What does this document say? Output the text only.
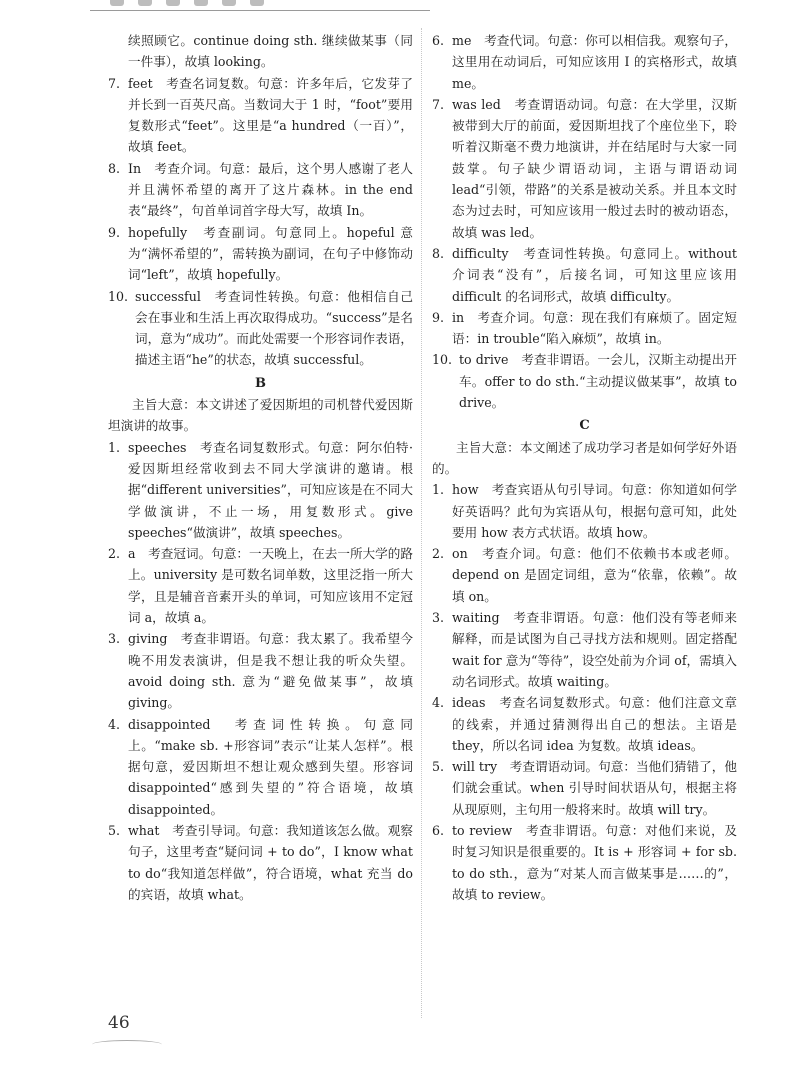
续照顾它。continue doing sth. 继续做某事（同一件事），故填 looking。
7. feet　考查名词复数。句意：许多年后，它发芽了并长到一百英尺高。当数词大于 1 时，“foot”要用复数形式“feet”。这里是“a hundred（一百）”，故填 feet。
8. In　考查介词。句意：最后，这个男人感谢了老人并且满怀希望的离开了这片森林。in the end 表“最终”，句首单词首字母大写，故填 In。
9. hopefully　考查副词。句意同上。hopeful 意为“满怀希望的”，需转换为副词，在句子中修饰动词“left”，故填 hopefully。
10. successful　考查词性转换。句意：他相信自己会在事业和生活上再次取得成功。“success”是名词，意为“成功”。而此处需要一个形容词作表语，描述主语“he”的状态，故填 successful。
B

主旨大意：本文讲述了爱因斯坦的司机替代爱因斯坦演讲的故事。

1. speeches　考查名词复数形式。句意：阿尔伯特·爱因斯坦经常收到去不同大学演讲的邀请。根据“different universities”，可知应该是在不同大学做演讲，不止一场，用复数形式。give speeches“做演讲”，故填 speeches。
2. a　考查冠词。句意：一天晚上，在去一所大学的路上。university 是可数名词单数，这里泛指一所大学，且是辅音音素开头的单词，可知应该用不定冠词 a，故填 a。
3. giving　考查非谓语。句意：我太累了。我希望今晚不用发表演讲，但是我不想让我的听众失望。avoid doing sth. 意为“避免做某事”，故填 giving。
4. disappointed　考查词性转换。句意同上。“make sb. +形容词”表示“让某人怎样”。根据句意，爱因斯坦不想让观众感到失望。形容词 disappointed“感到失望的”符合语境，故填 disappointed。
5. what　考查引导词。句意：我知道该怎么做。观察句子，这里考查“疑问词 + to do”，I know what to do“我知道怎样做”，符合语境，what 充当 do 的宾语，故填 what。
6. me　考查代词。句意：你可以相信我。观察句子，这里用在动词后，可知应该用 I 的宾格形式，故填 me。
7. was led　考查谓语动词。句意：在大学里，汉斯被带到大厅的前面，爱因斯坦找了个座位坐下，聆听着汉斯毫不费力地演讲，并在结尾时与大家一同鼓掌。句子缺少谓语动词，主语与谓语动词 lead“引领，带路”的关系是被动关系。并且本文时态为过去时，可知应该用一般过去时的被动语态，故填 was led。
8. difficulty　考查词性转换。句意同上。without 介词表“没有”，后接名词，可知这里应该用 difficult 的名词形式，故填 difficulty。
9. in　考查介词。句意：现在我们有麻烦了。固定短语：in trouble“陷入麻烦”，故填 in。
10. to drive　考查非谓语。一会儿，汉斯主动提出开车。offer to do sth.“主动提议做某事”，故填 to drive。
C

主旨大意：本文阐述了成功学习者是如何学好外语的。

1. how　考查宾语从句引导词。句意：你知道如何学好英语吗？此句为宾语从句，根据句意可知，此处要用 how 表方式状语。故填 how。
2. on　考查介词。句意：他们不依赖书本或老师。depend on 是固定词组，意为“依靠，依赖”。故填 on。
3. waiting　考查非谓语。句意：他们没有等老师来解释，而是试图为自己寻找方法和规则。固定搭配 wait for 意为“等待”，设空处前为介词 of，需填入动名词形式。故填 waiting。
4. ideas　考查名词复数形式。句意：他们注意文章的线索，并通过猜测得出自己的想法。主语是 they，所以名词 idea 为复数。故填 ideas。
5. will try　考查谓语动词。句意：当他们猜错了，他们就会重试。when 引导时间状语从句，根据主将从现原则，主句用一般将来时。故填 will try。
6. to review　考查非谓语。句意：对他们来说，及时复习知识是很重要的。It is + 形容词 + for sb. to do sth.，意为“对某人而言做某事是……的”，故填 to review。
46
